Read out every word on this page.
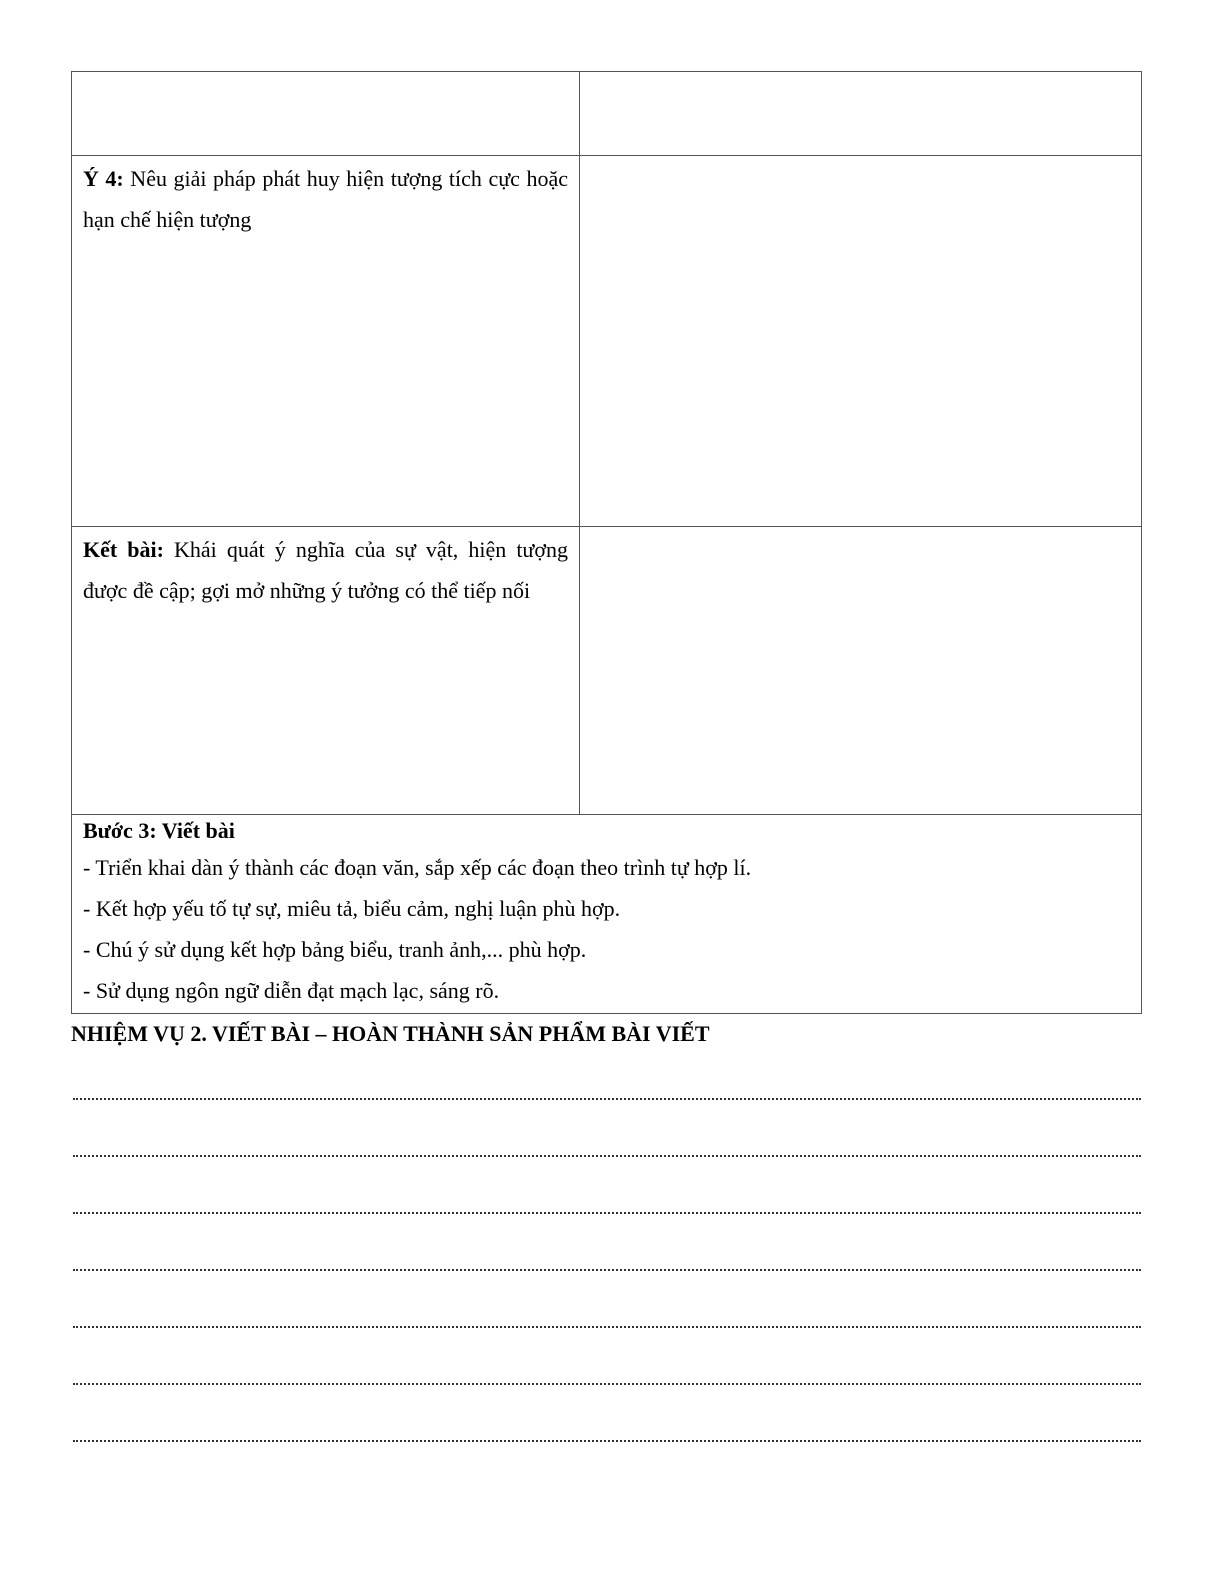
Ý 4: Nêu giải pháp phát huy hiện tượng tích cực hoặc hạn chế hiện tượng	

Kết bài: Khái quát ý nghĩa của sự vật, hiện tượng được đề cập; gợi mở những ý tưởng có thể tiếp nối	

Bước 3: Viết bài
- Triển khai dàn ý thành các đoạn văn, sắp xếp các đoạn theo trình tự hợp lí.
- Kết hợp yếu tố tự sự, miêu tả, biểu cảm, nghị luận phù hợp.
- Chú ý sử dụng kết hợp bảng biểu, tranh ảnh,... phù hợp.
- Sử dụng ngôn ngữ diễn đạt mạch lạc, sáng rõ.	
NHIỆM VỤ 2. VIẾT BÀI – HOÀN THÀNH SẢN PHẨM BÀI VIẾT
